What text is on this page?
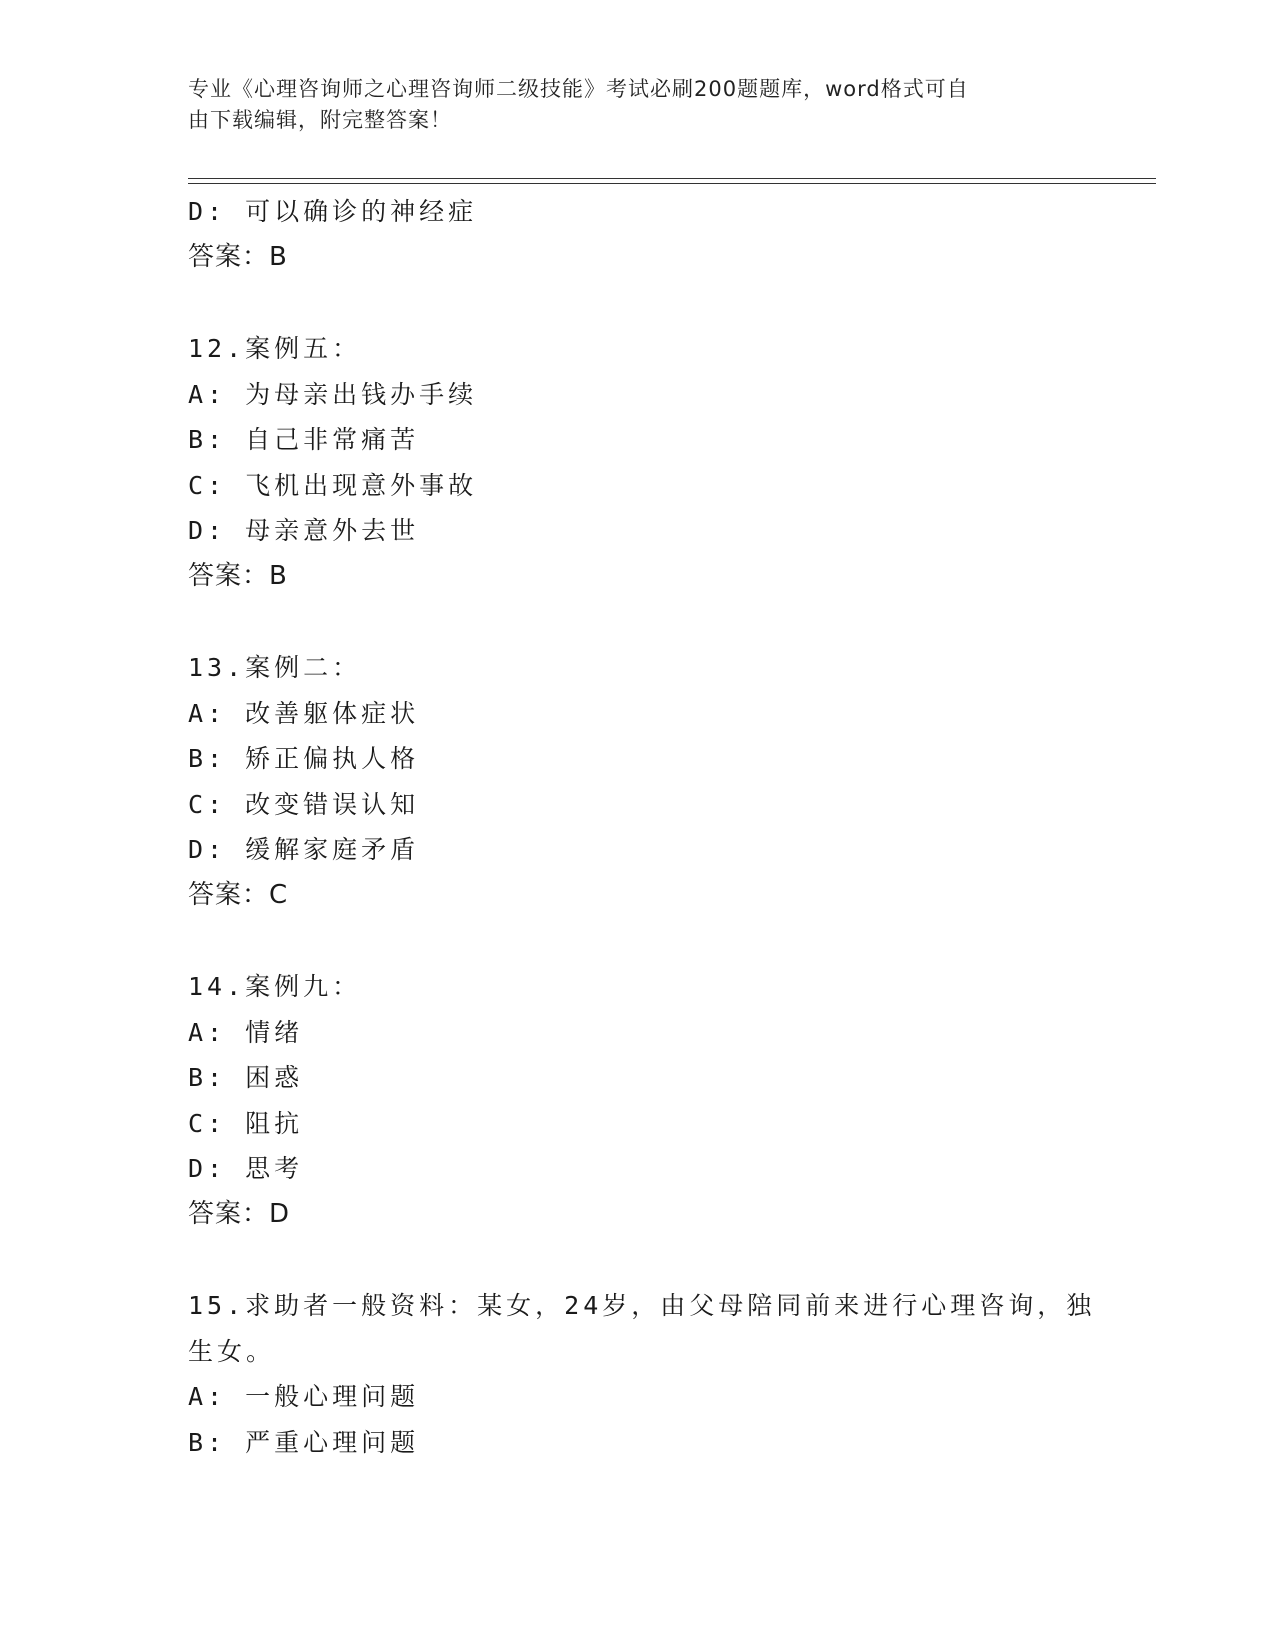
专业《心理咨询师之心理咨询师二级技能》考试必刷200题题库，word格式可自
由下载编辑，附完整答案！
D: 可以确诊的神经症
答案：B
12.案例五：
A: 为母亲出钱办手续
B: 自己非常痛苦
C: 飞机出现意外事故
D: 母亲意外去世
答案：B
13.案例二：
A: 改善躯体症状
B: 矫正偏执人格
C: 改变错误认知
D: 缓解家庭矛盾
答案：C
14.案例九：
A: 情绪
B: 困惑
C: 阻抗
D: 思考
答案：D
15.求助者一般资料：某女，24岁，由父母陪同前来进行心理咨询，独
生女。
A: 一般心理问题
B: 严重心理问题
